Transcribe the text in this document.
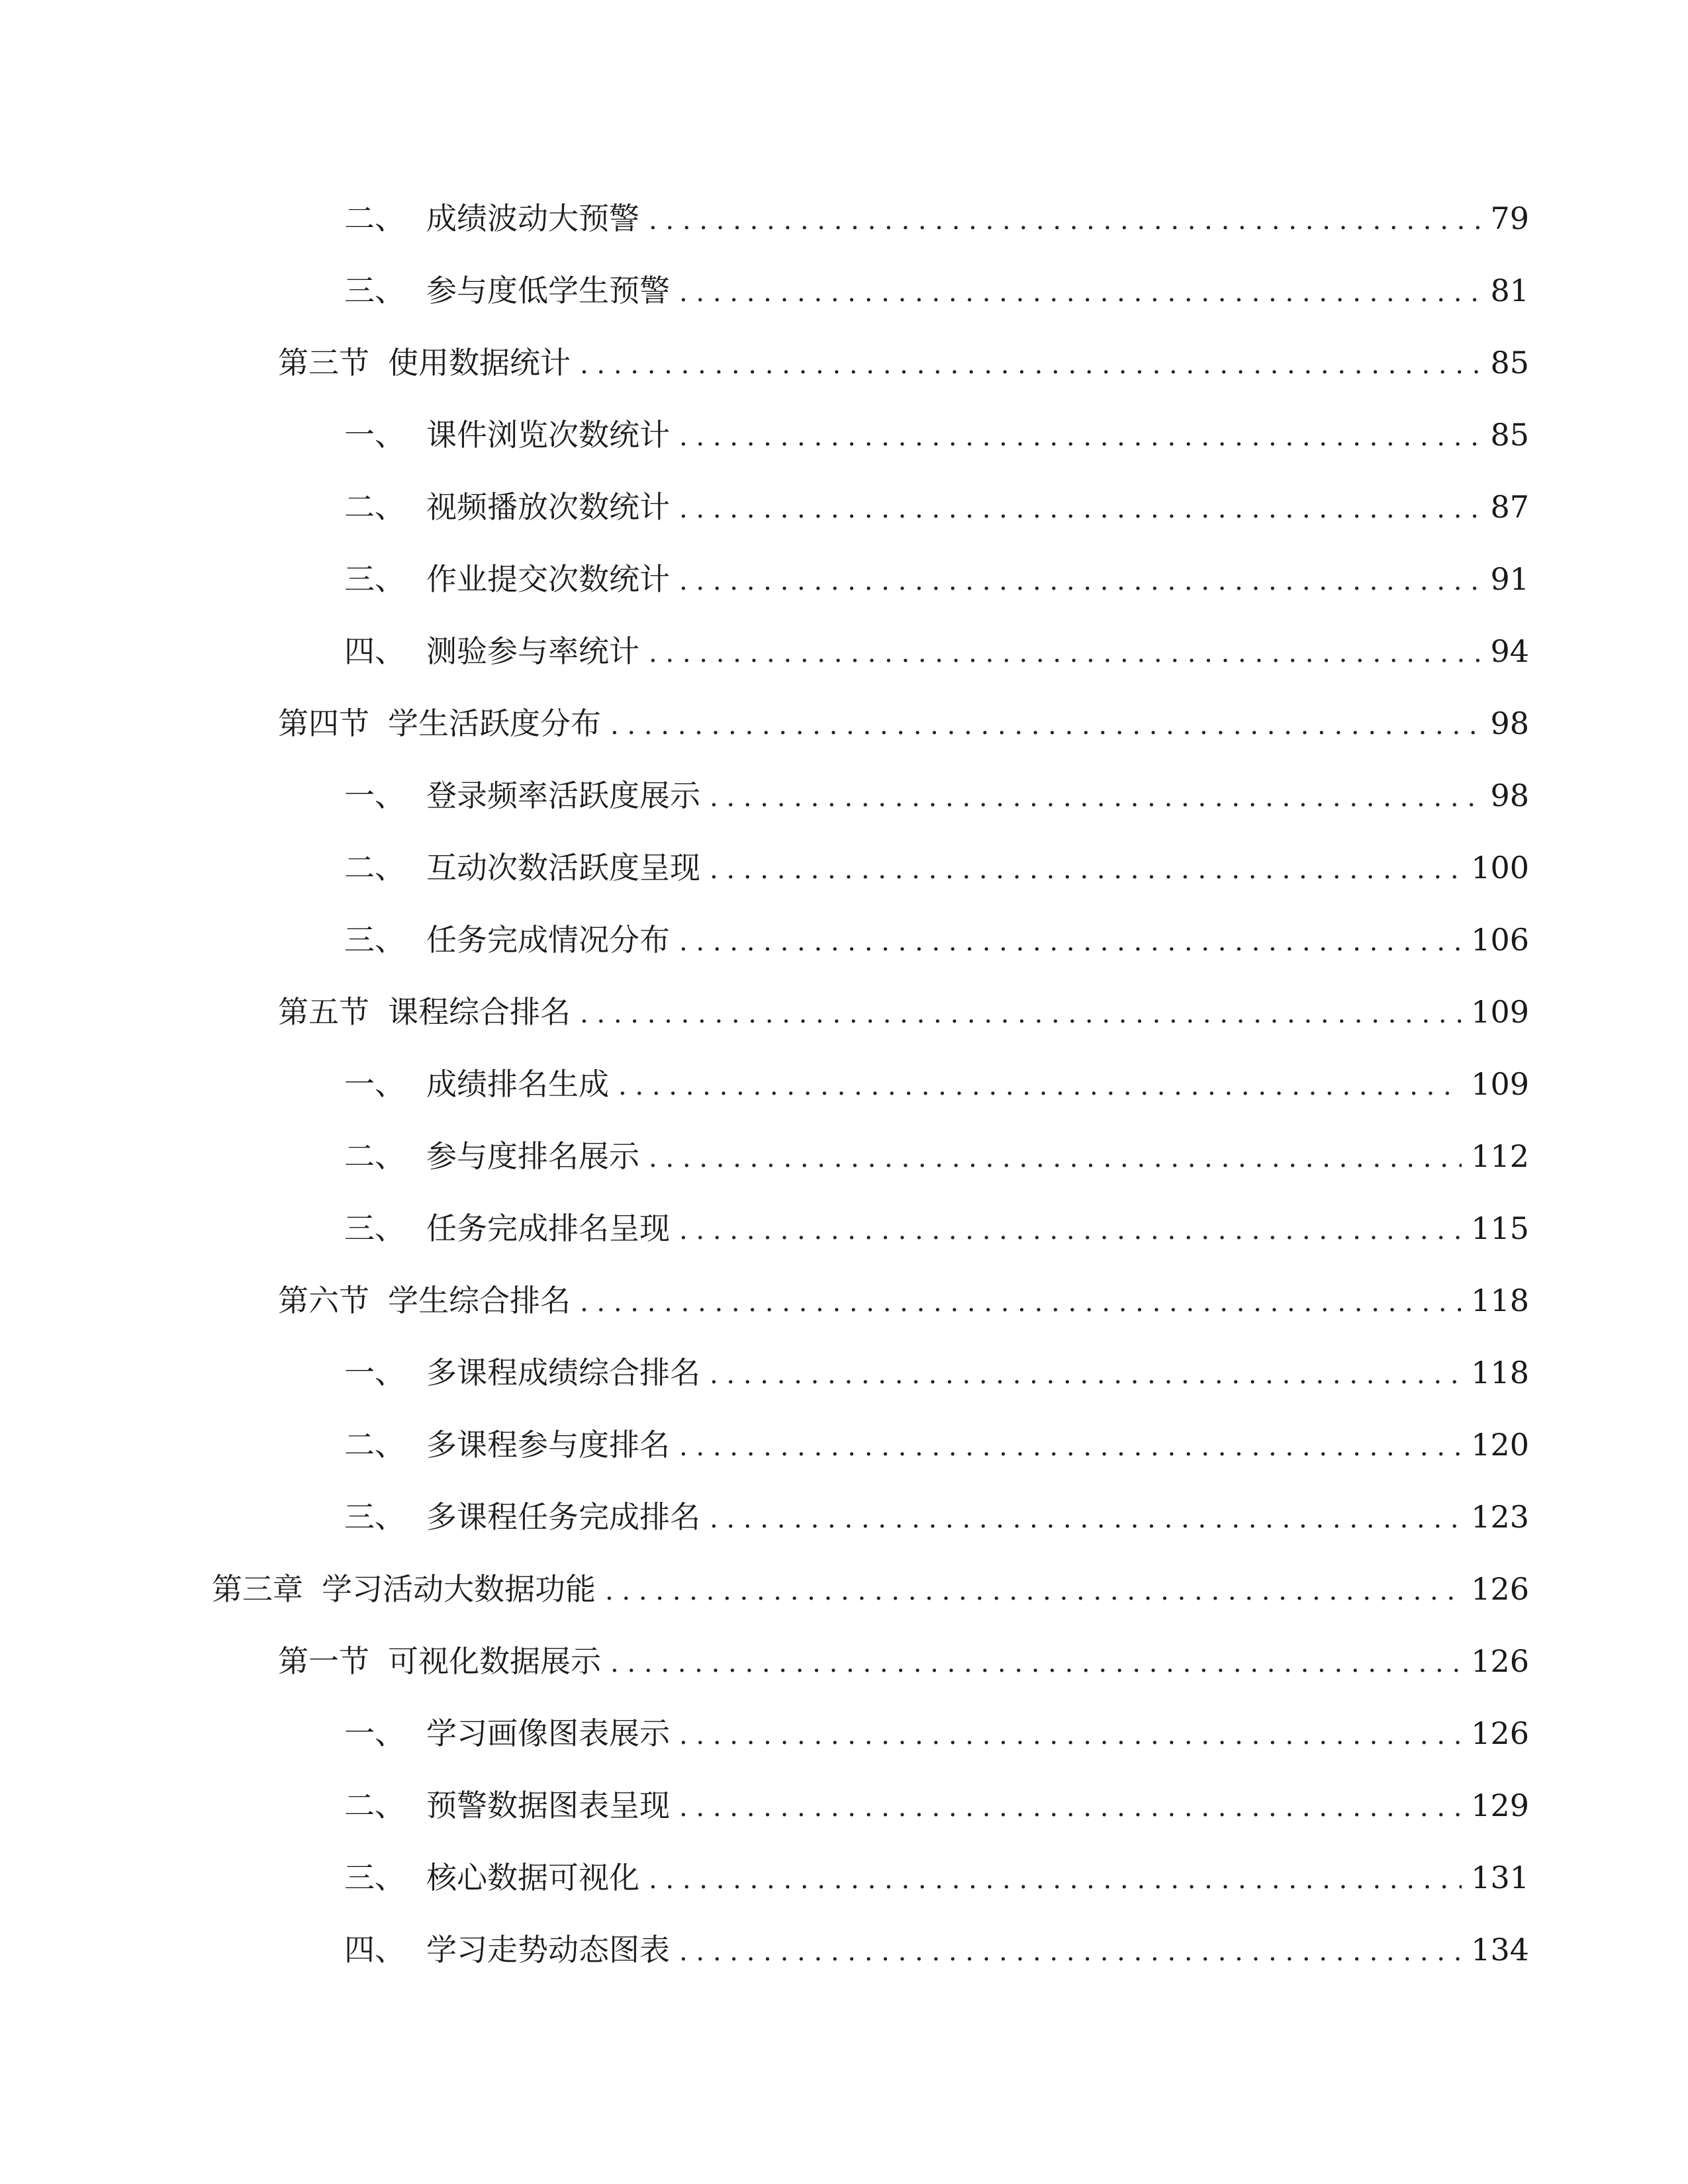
二、 成绩波动大预警 . . .	79
三、 参与度低学生预警 . . .	81
第三节 使用数据统计 . . .	85
一、 课件浏览次数统计 . . .	85
二、 视频播放次数统计 . . .	87
三、 作业提交次数统计 . . .	91
四、 测验参与率统计 . . .	94
第四节 学生活跃度分布 . . .	98
一、 登录频率活跃度展示 . . .	98
二、 互动次数活跃度呈现 . . .	100
三、 任务完成情况分布 . . .	106
第五节 课程综合排名 . . .	109
一、 成绩排名生成 . . .	109
二、 参与度排名展示 . . .	112
三、 任务完成排名呈现 . . .	115
第六节 学生综合排名 . . .	118
一、 多课程成绩综合排名 . . .	118
二、 多课程参与度排名 . . .	120
三、 多课程任务完成排名 . . .	123
第三章 学习活动大数据功能 . . .	126
第一节 可视化数据展示 . . .	126
一、 学习画像图表展示 . . .	126
二、 预警数据图表呈现 . . .	129
三、 核心数据可视化 . . .	131
四、 学习走势动态图表 . . .	134
